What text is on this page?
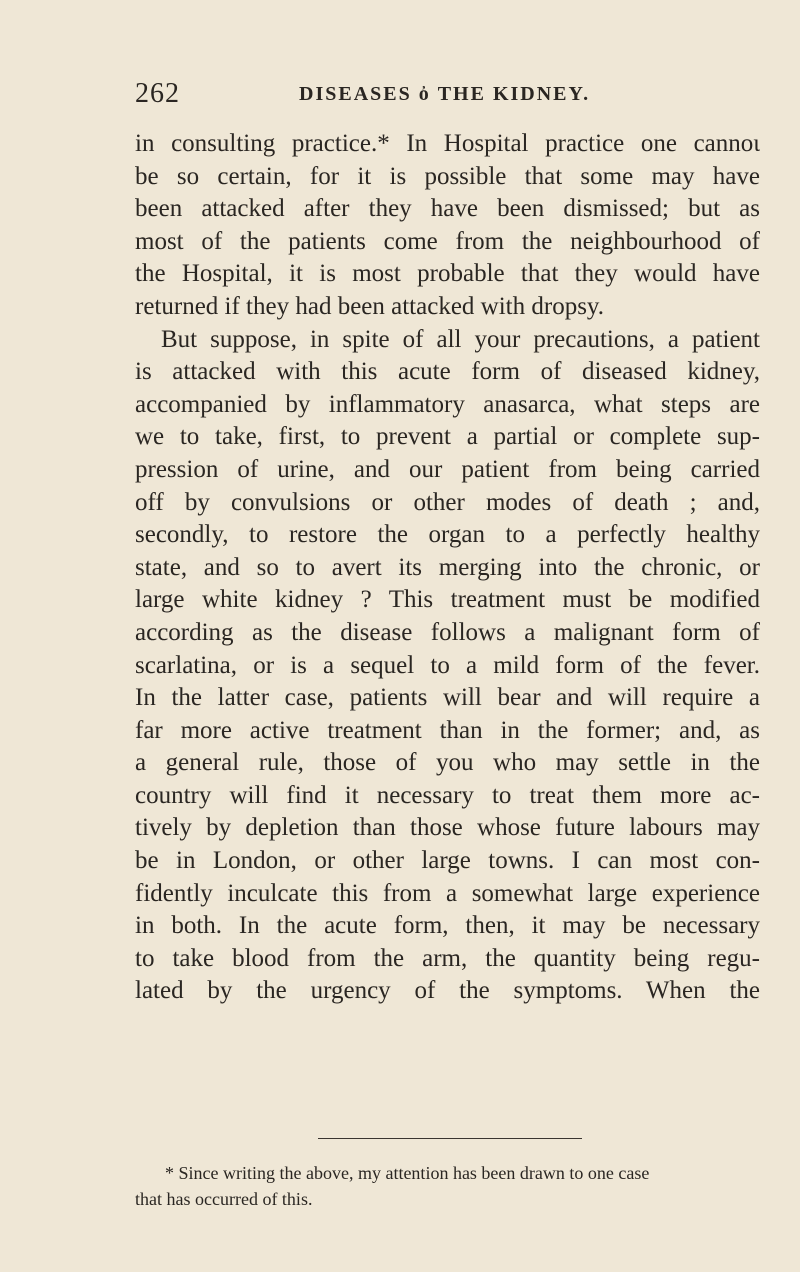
262	DISEASES ὀ THE KIDNEY.
in consulting practice.* In Hospital practice one cannoι
be so certain, for it is possible that some may have
been attacked after they have been dismissed; but as
most of the patients come from the neighbourhood of
the Hospital, it is most probable that they would have
returned if they had been attacked with dropsy.
But suppose, in spite of all your precautions, a patient
is attacked with this acute form of diseased kidney,
accompanied by inflammatory anasarca, what steps are
we to take, first, to prevent a partial or complete sup-
pression of urine, and our patient from being carried
off by convulsions or other modes of death ; and,
secondly, to restore the organ to a perfectly healthy
state, and so to avert its merging into the chronic, or
large white kidney ? This treatment must be modified
according as the disease follows a malignant form of
scarlatina, or is a sequel to a mild form of the fever.
In the latter case, patients will bear and will require a
far more active treatment than in the former; and, as
a general rule, those of you who may settle in the
country will find it necessary to treat them more ac-
tively by depletion than those whose future labours may
be in London, or other large towns. I can most con-
fidently inculcate this from a somewhat large experience
in both. In the acute form, then, it may be necessary
to take blood from the arm, the quantity being regu-
lated by the urgency of the symptoms. When the
* Since writing the above, my attention has been drawn to one case
that has occurred of this.
